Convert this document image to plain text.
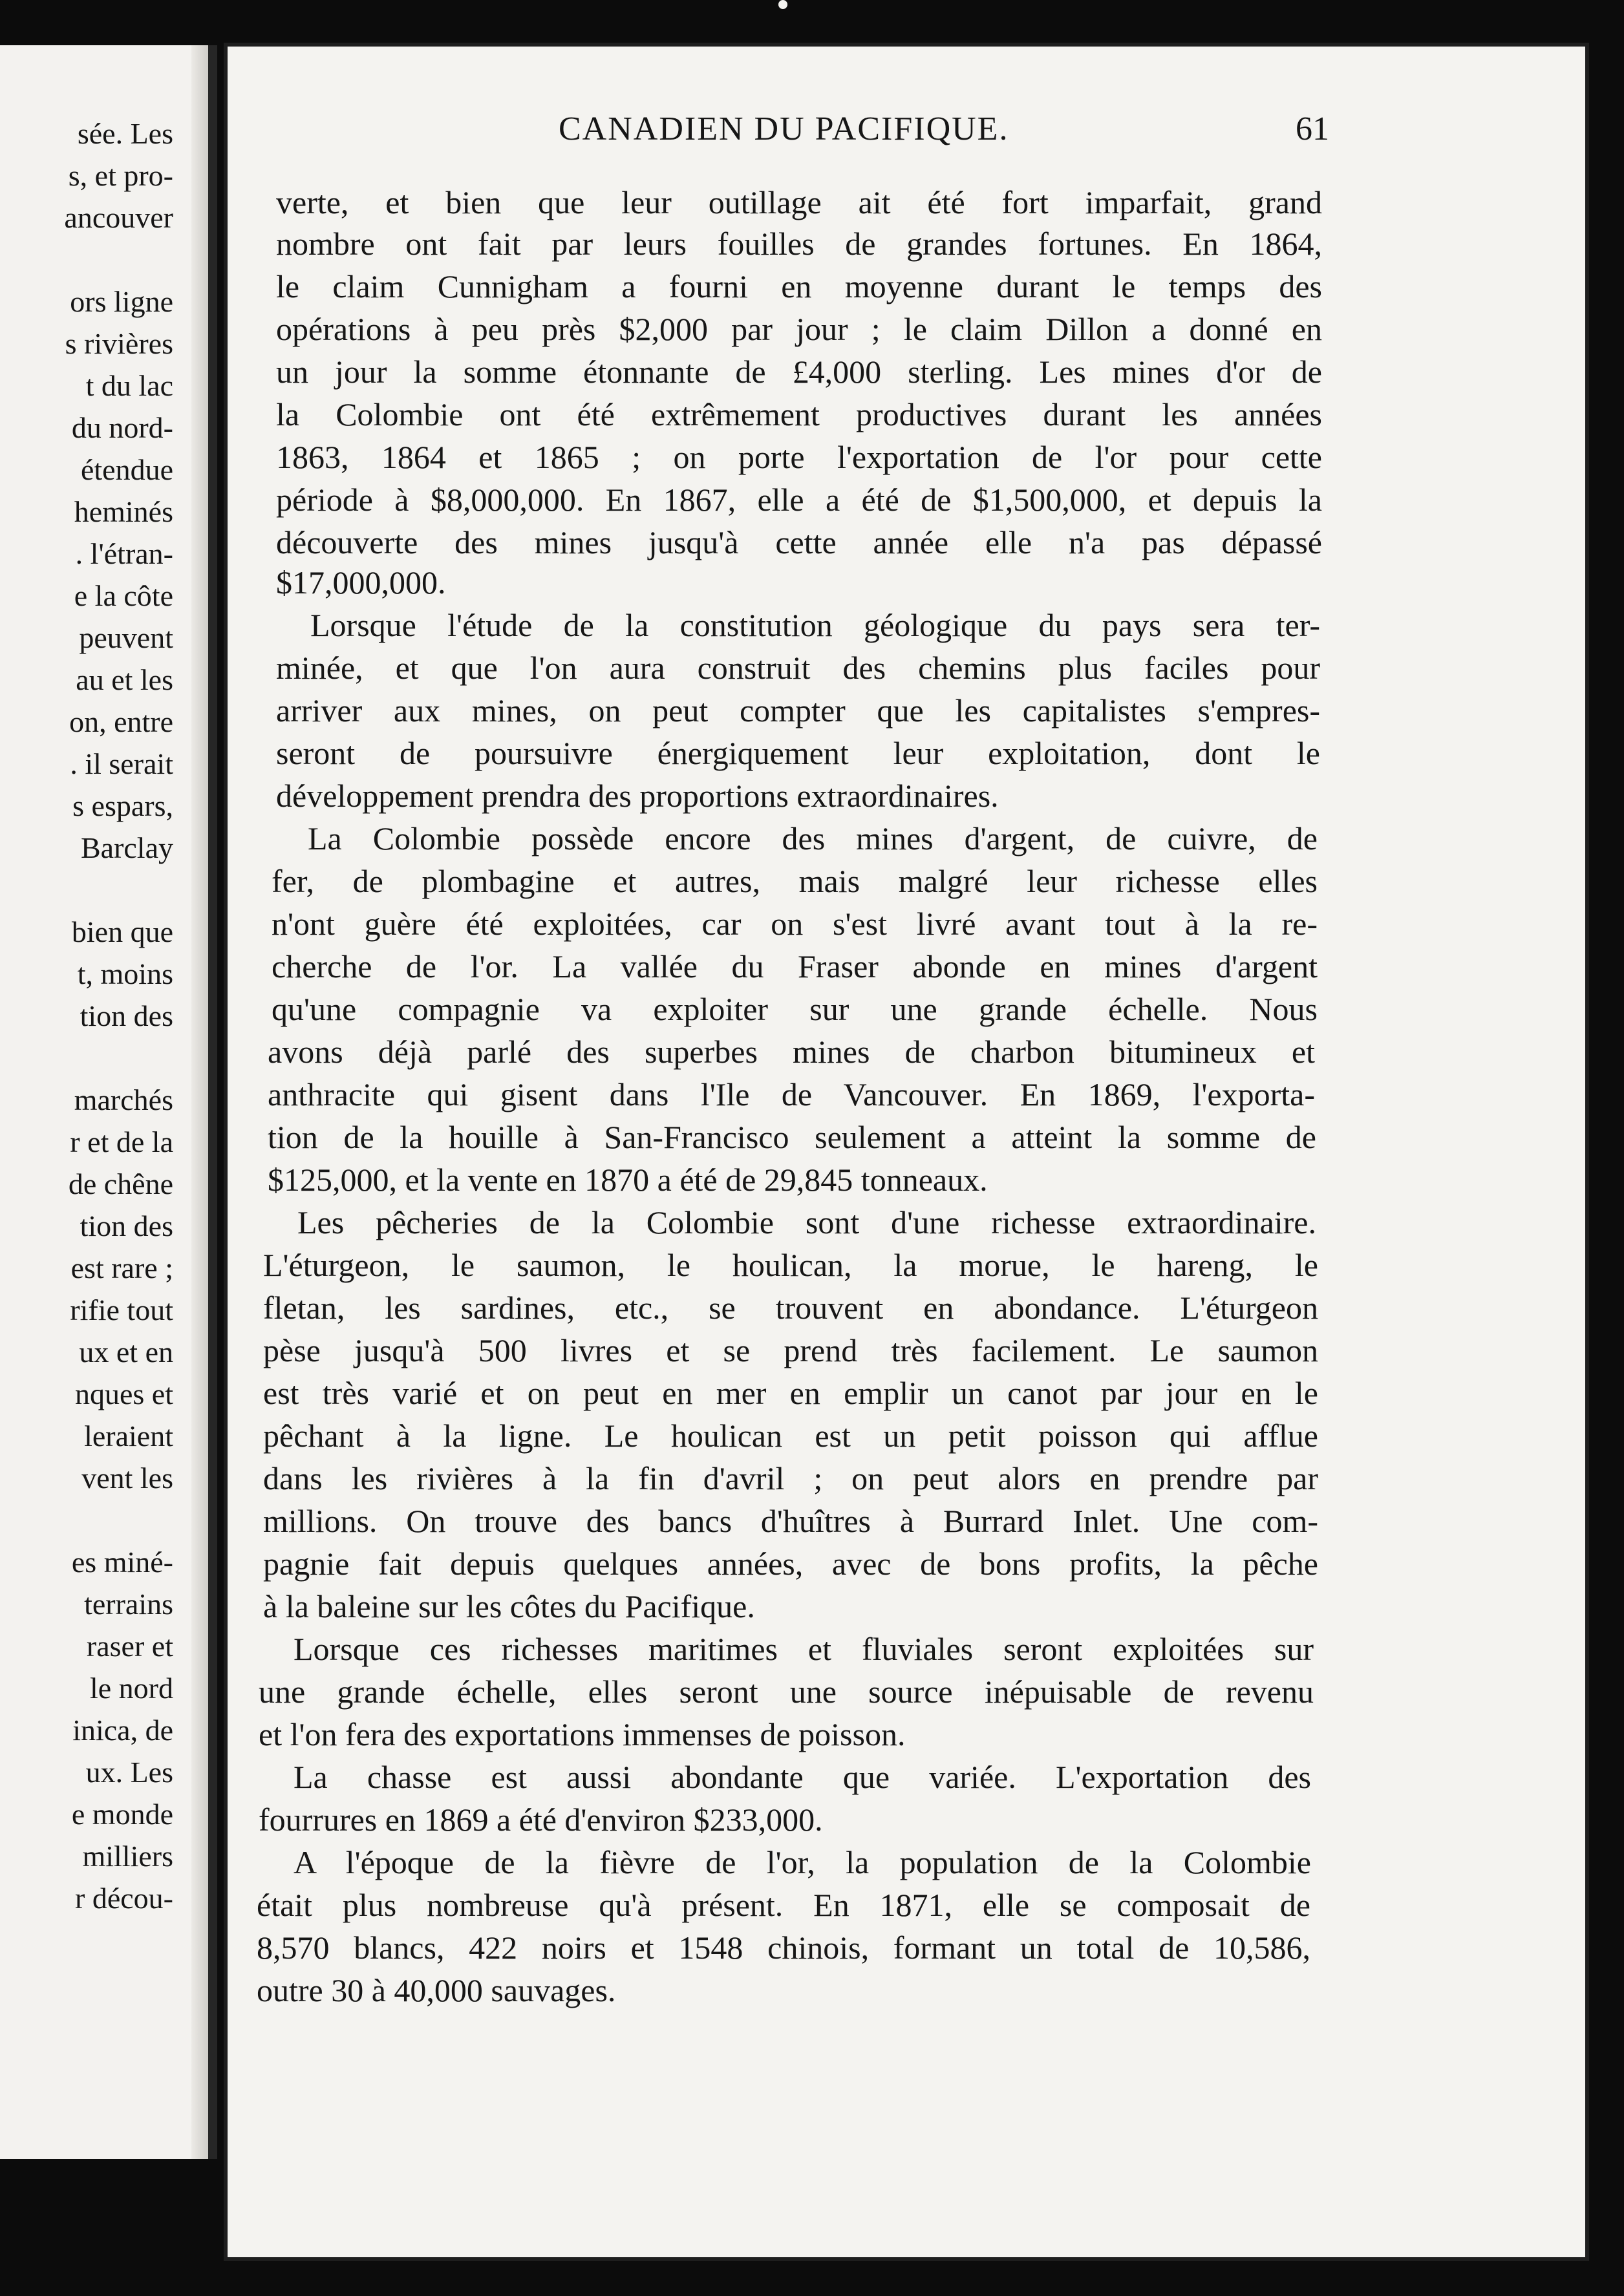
sée. Les
s, et pro-
ancouver
ors ligne
s rivières
t du lac
du nord-
étendue
heminés
. l'étran-
e la côte
peuvent
au et les
on, entre
. il serait
s espars,
Barclay
bien que
t, moins
tion des
marchés
r et de la
de chêne
tion des
est rare ;
rifie tout
ux et en
nques et
leraient
vent les
es miné-
terrains
raser et
le nord
inica, de
ux. Les
e monde
milliers
r décou-
CANADIEN DU PACIFIQUE.	61
verte, et bien que leur outillage ait été fort imparfait, grand
nombre ont fait par leurs fouilles de grandes fortunes. En 1864,
le claim Cunnigham a fourni en moyenne durant le temps des
opérations à peu près $2,000 par jour ; le claim Dillon a donné en
un jour la somme étonnante de £4,000 sterling. Les mines d'or de
la Colombie ont été extrêmement productives durant les années
1863, 1864 et 1865 ; on porte l'exportation de l'or pour cette
période à $8,000,000. En 1867, elle a été de $1,500,000, et depuis la
découverte des mines jusqu'à cette année elle n'a pas dépassé
$17,000,000.
Lorsque l'étude de la constitution géologique du pays sera ter-
minée, et que l'on aura construit des chemins plus faciles pour
arriver aux mines, on peut compter que les capitalistes s'empres-
seront de poursuivre énergiquement leur exploitation, dont le
développement prendra des proportions extraordinaires.
La Colombie possède encore des mines d'argent, de cuivre, de
fer, de plombagine et autres, mais malgré leur richesse elles
n'ont guère été exploitées, car on s'est livré avant tout à la re-
cherche de l'or. La vallée du Fraser abonde en mines d'argent
qu'une compagnie va exploiter sur une grande échelle. Nous
avons déjà parlé des superbes mines de charbon bitumineux et
anthracite qui gisent dans l'Ile de Vancouver. En 1869, l'exporta-
tion de la houille à San-Francisco seulement a atteint la somme de
$125,000, et la vente en 1870 a été de 29,845 tonneaux.
Les pêcheries de la Colombie sont d'une richesse extraordinaire.
L'éturgeon, le saumon, le houlican, la morue, le hareng, le
fletan, les sardines, etc., se trouvent en abondance. L'éturgeon
pèse jusqu'à 500 livres et se prend très facilement. Le saumon
est très varié et on peut en mer en emplir un canot par jour en le
pêchant à la ligne. Le houlican est un petit poisson qui afflue
dans les rivières à la fin d'avril ; on peut alors en prendre par
millions. On trouve des bancs d'huîtres à Burrard Inlet. Une com-
pagnie fait depuis quelques années, avec de bons profits, la pêche
à la baleine sur les côtes du Pacifique.
Lorsque ces richesses maritimes et fluviales seront exploitées sur
une grande échelle, elles seront une source inépuisable de revenu
et l'on fera des exportations immenses de poisson.
La chasse est aussi abondante que variée. L'exportation des
fourrures en 1869 a été d'environ $233,000.
A l'époque de la fièvre de l'or, la population de la Colombie
était plus nombreuse qu'à présent. En 1871, elle se composait de
8,570 blancs, 422 noirs et 1548 chinois, formant un total de 10,586,
outre 30 à 40,000 sauvages.
